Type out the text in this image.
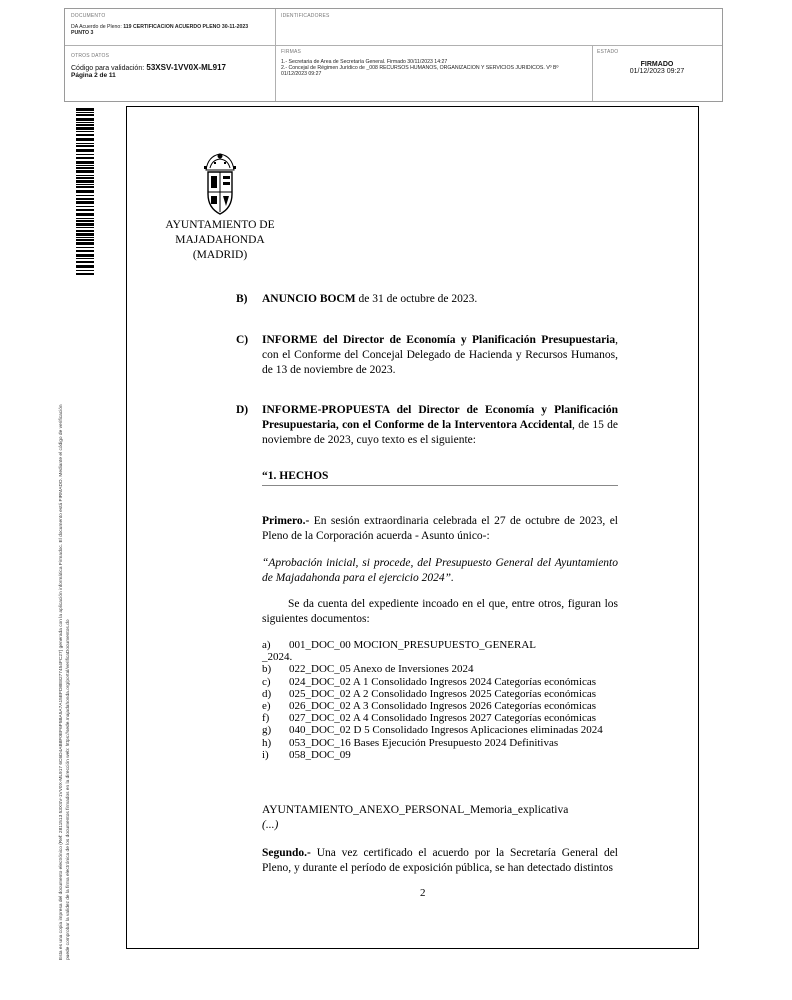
DOCUMENTO
DA Acuerdo de Pleno: 119 CERTIFICACION ACUERDO PLENO 30-11-2023
PUNTO 3
IDENTIFICADORES
OTROS DATOS
Código para validación: 53XSV-1VV0X-ML917
Página 2 de 11
FIRMAS
1.- Secretaria de Area de Secretaría General. Firmado 30/11/2023 14:27
2.- Concejal de Régimen Jurídico de _008 RECURSOS HUMANOS, ORGANIZACIÓN Y SERVICIOS JURIDICOS. Vº Bº
01/12/2023 09:27
ESTADO
FIRMADO
01/12/2023 09:27
Esta es una copia impresa del documento electrónico (Ref: 2811513 53XSV-1VV0X-ML917 6C6D4AB8F0EF6F5BA5A7A15EFD8E8277454FC27) generada con la aplicación informática Firmadoc. El documento está FIRMADO. Mediante el código de verificación puede comprobar la validez de la firma electrónica de los documentos firmados en la dirección web: https://sede.majadahonda.org/portal/verificaDocumentos.do
AYUNTAMIENTO DE
MAJADAHONDA
(MADRID)
B) ANUNCIO BOCM de 31 de octubre de 2023.
C) INFORME del Director de Economía y Planificación Presupuestaria, con el Conforme del Concejal Delegado de Hacienda y Recursos Humanos, de 13 de noviembre de 2023.
D) INFORME-PROPUESTA del Director de Economía y Planificación Presupuestaria, con el Conforme de la Interventora Accidental, de 15 de noviembre de 2023, cuyo texto es el siguiente:
“1. HECHOS
Primero.- En sesión extraordinaria celebrada el 27 de octubre de 2023, el Pleno de la Corporación acuerda - Asunto único-:
“Aprobación inicial, si procede, del Presupuesto General del Ayuntamiento de Majadahonda para el ejercicio 2024”.
Se da cuenta del expediente incoado en el que, entre otros, figuran los siguientes documentos:
a) 001_DOC_00 MOCION_PRESUPUESTO_GENERAL
_2024.
b) 022_DOC_05 Anexo de Inversiones 2024
c) 024_DOC_02 A 1 Consolidado Ingresos 2024 Categorías económicas
d) 025_DOC_02 A 2 Consolidado Ingresos 2025 Categorías económicas
e) 026_DOC_02 A 3 Consolidado Ingresos 2026 Categorías económicas
f) 027_DOC_02 A 4 Consolidado Ingresos 2027 Categorías económicas
g) 040_DOC_02 D 5 Consolidado Ingresos Aplicaciones eliminadas 2024
h) 053_DOC_16 Bases Ejecución Presupuesto 2024 Definitivas
i) 058_DOC_09
AYUNTAMIENTO_ANEXO_PERSONAL_Memoria_explicativa
(...)
Segundo.- Una vez certificado el acuerdo por la Secretaría General del Pleno, y durante el período de exposición pública, se han detectado distintos
2
